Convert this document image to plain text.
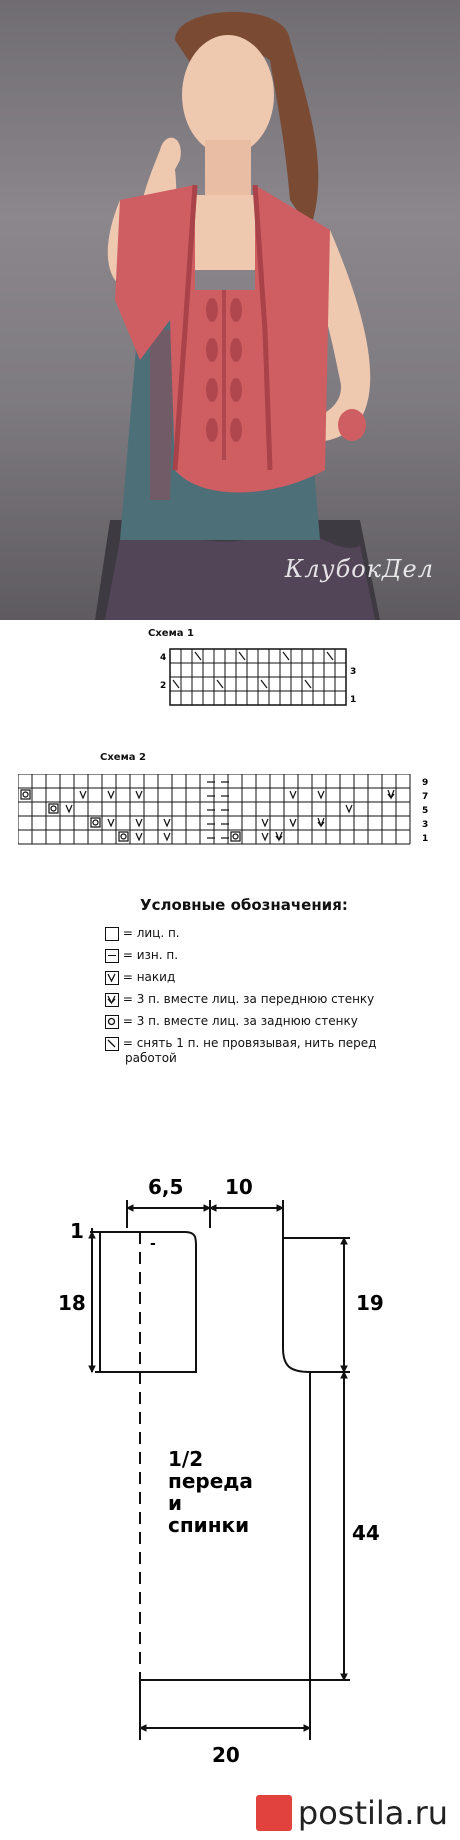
КлубокДел
Схема 1
4
2
3
1
Схема 2
9
7
5
3
1
Условные обозначения:
= лиц. п.
= изн. п.
= накид
= 3 п. вместе лиц. за переднюю стенку
= 3 п. вместе лиц. за заднюю стенку
= снять 1 п. не провязывая, нить перед
работой
6,5 10
1
18	19
44
20
-
1/2
переда
и
спинки
postila.ru
